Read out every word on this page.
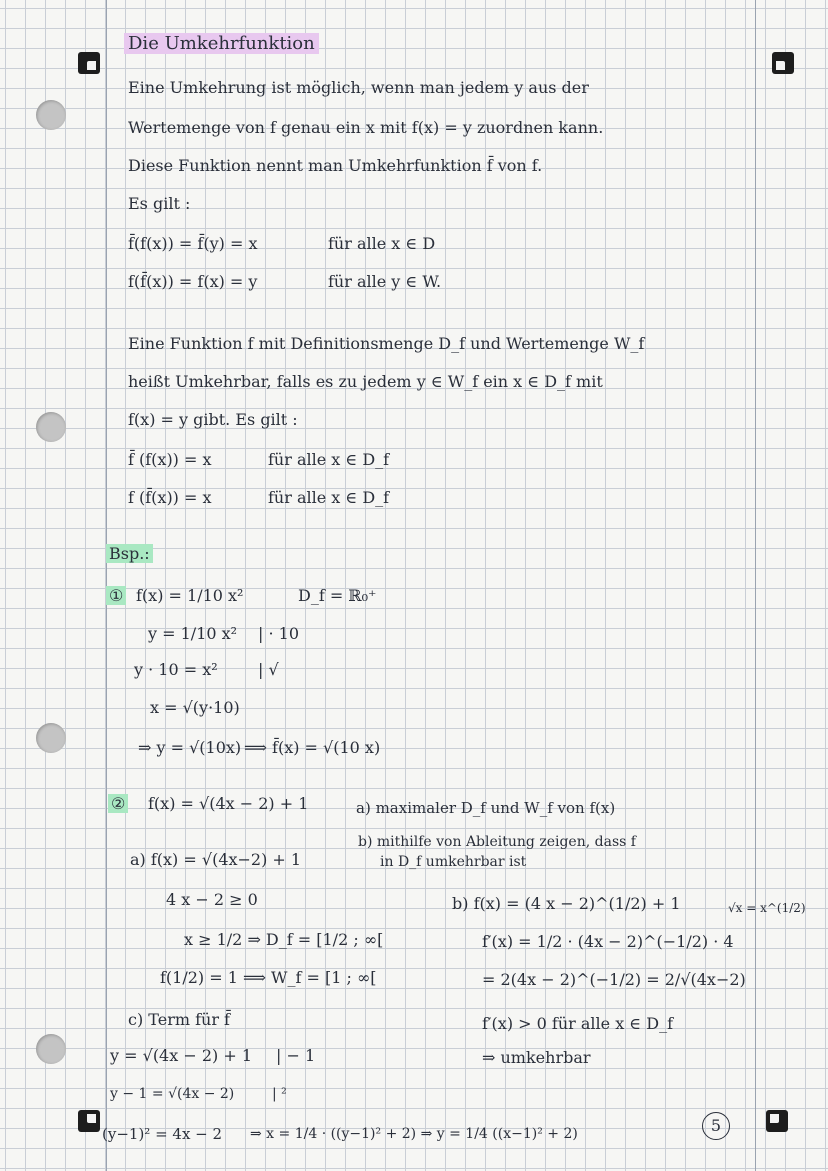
Die Umkehrfunktion
Eine Umkehrung ist möglich, wenn man jedem y aus der
Wertemenge von f genau ein x mit f(x) = y zuordnen kann.
Diese Funktion nennt man Umkehrfunktion f̄ von f.
Es gilt :
f̄(f(x)) = f̄(y) = x	für alle x ∈ D
f(f̄(x)) = f(x) = y	für alle y ∈ W.
Eine Funktion f mit Definitionsmenge D_f und Wertemenge W_f
heißt Umkehrbar, falls es zu jedem y ∈ W_f ein x ∈ D_f mit
f(x) = y gibt. Es gilt :
f̄ (f(x)) = x	für alle x ∈ D_f
f (f̄(x)) = x	für alle x ∈ D_f
Bsp.:
① f(x) = 1/10 x²	D_f = ℝ₀⁺
y = 1/10 x² | · 10
y · 10 = x²	| √
x = √(y·10)
⇒ y = √(10x) ⟹ f̄(x) = √(10 x)
② f(x) = √(4x − 2) + 1	a) maximaler D_f und W_f von f(x)
b) mithilfe von Ableitung zeigen, dass f
in D_f umkehrbar ist
a) f(x) = √(4x−2) + 1
4 x − 2 ≥ 0
x ≥ 1/2 ⇒ D_f = [1/2 ; ∞[
f(1/2) = 1 ⟹ W_f = [1 ; ∞[
b) f(x) = (4 x − 2)^(1/2) + 1
f′(x) = 1/2 · (4x − 2)^(−1/2) · 4
= 2(4x − 2)^(−1/2) = 2/√(4x−2)
f′(x) > 0 für alle x ∈ D_f
⇒ umkehrbar
√x = x^(1/2)
c) Term für f̄
y = √(4x − 2) + 1 | − 1
y − 1 = √(4x − 2)	| ²
(y−1)² = 4x − 2 ⇒ x = 1/4 · ((y−1)² + 2) ⇒ y = 1/4 ((x−1)² + 2)	5
